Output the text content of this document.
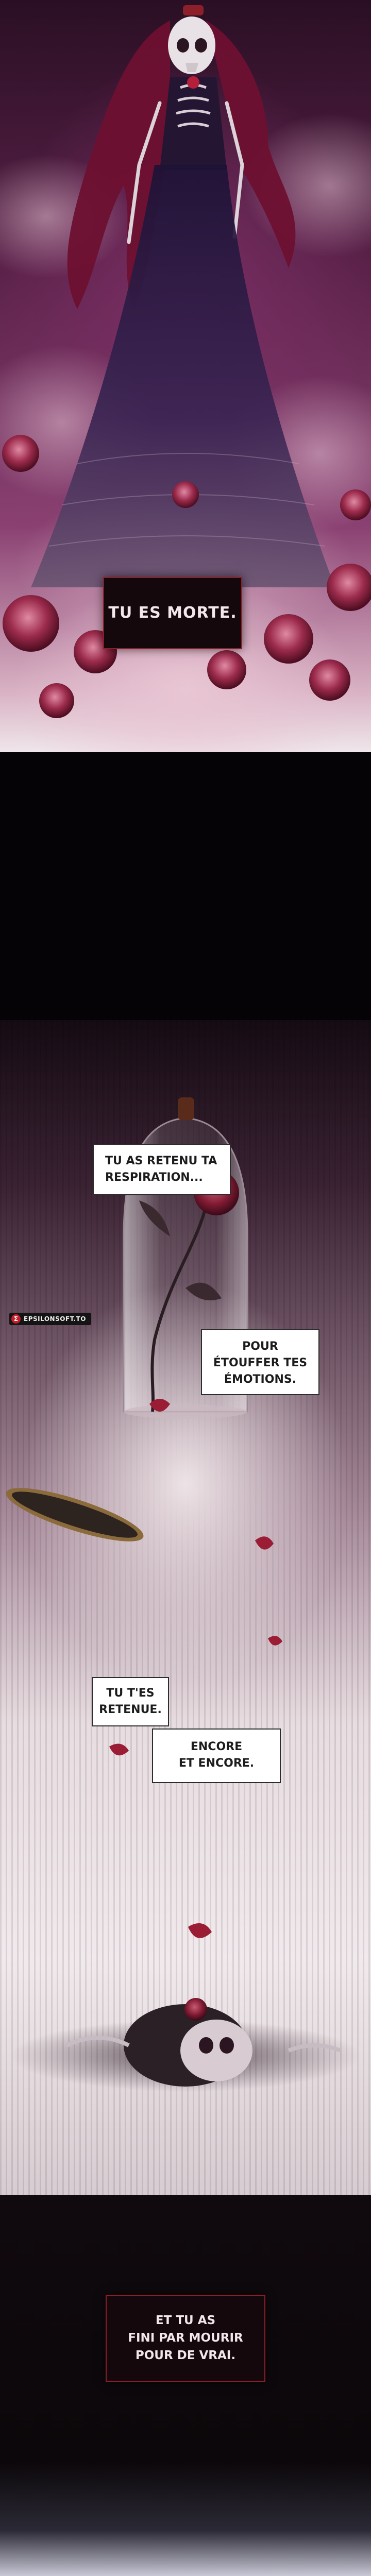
TU ES MORTE.
Σ EPSILONSOFT.TO
TU AS RETENU TA
RESPIRATION...
POUR
ÉTOUFFER TES
ÉMOTIONS.
TU T'ES
RETENUE.
ENCORE
ET ENCORE.
ET TU AS
FINI PAR MOURIR
POUR DE VRAI.
